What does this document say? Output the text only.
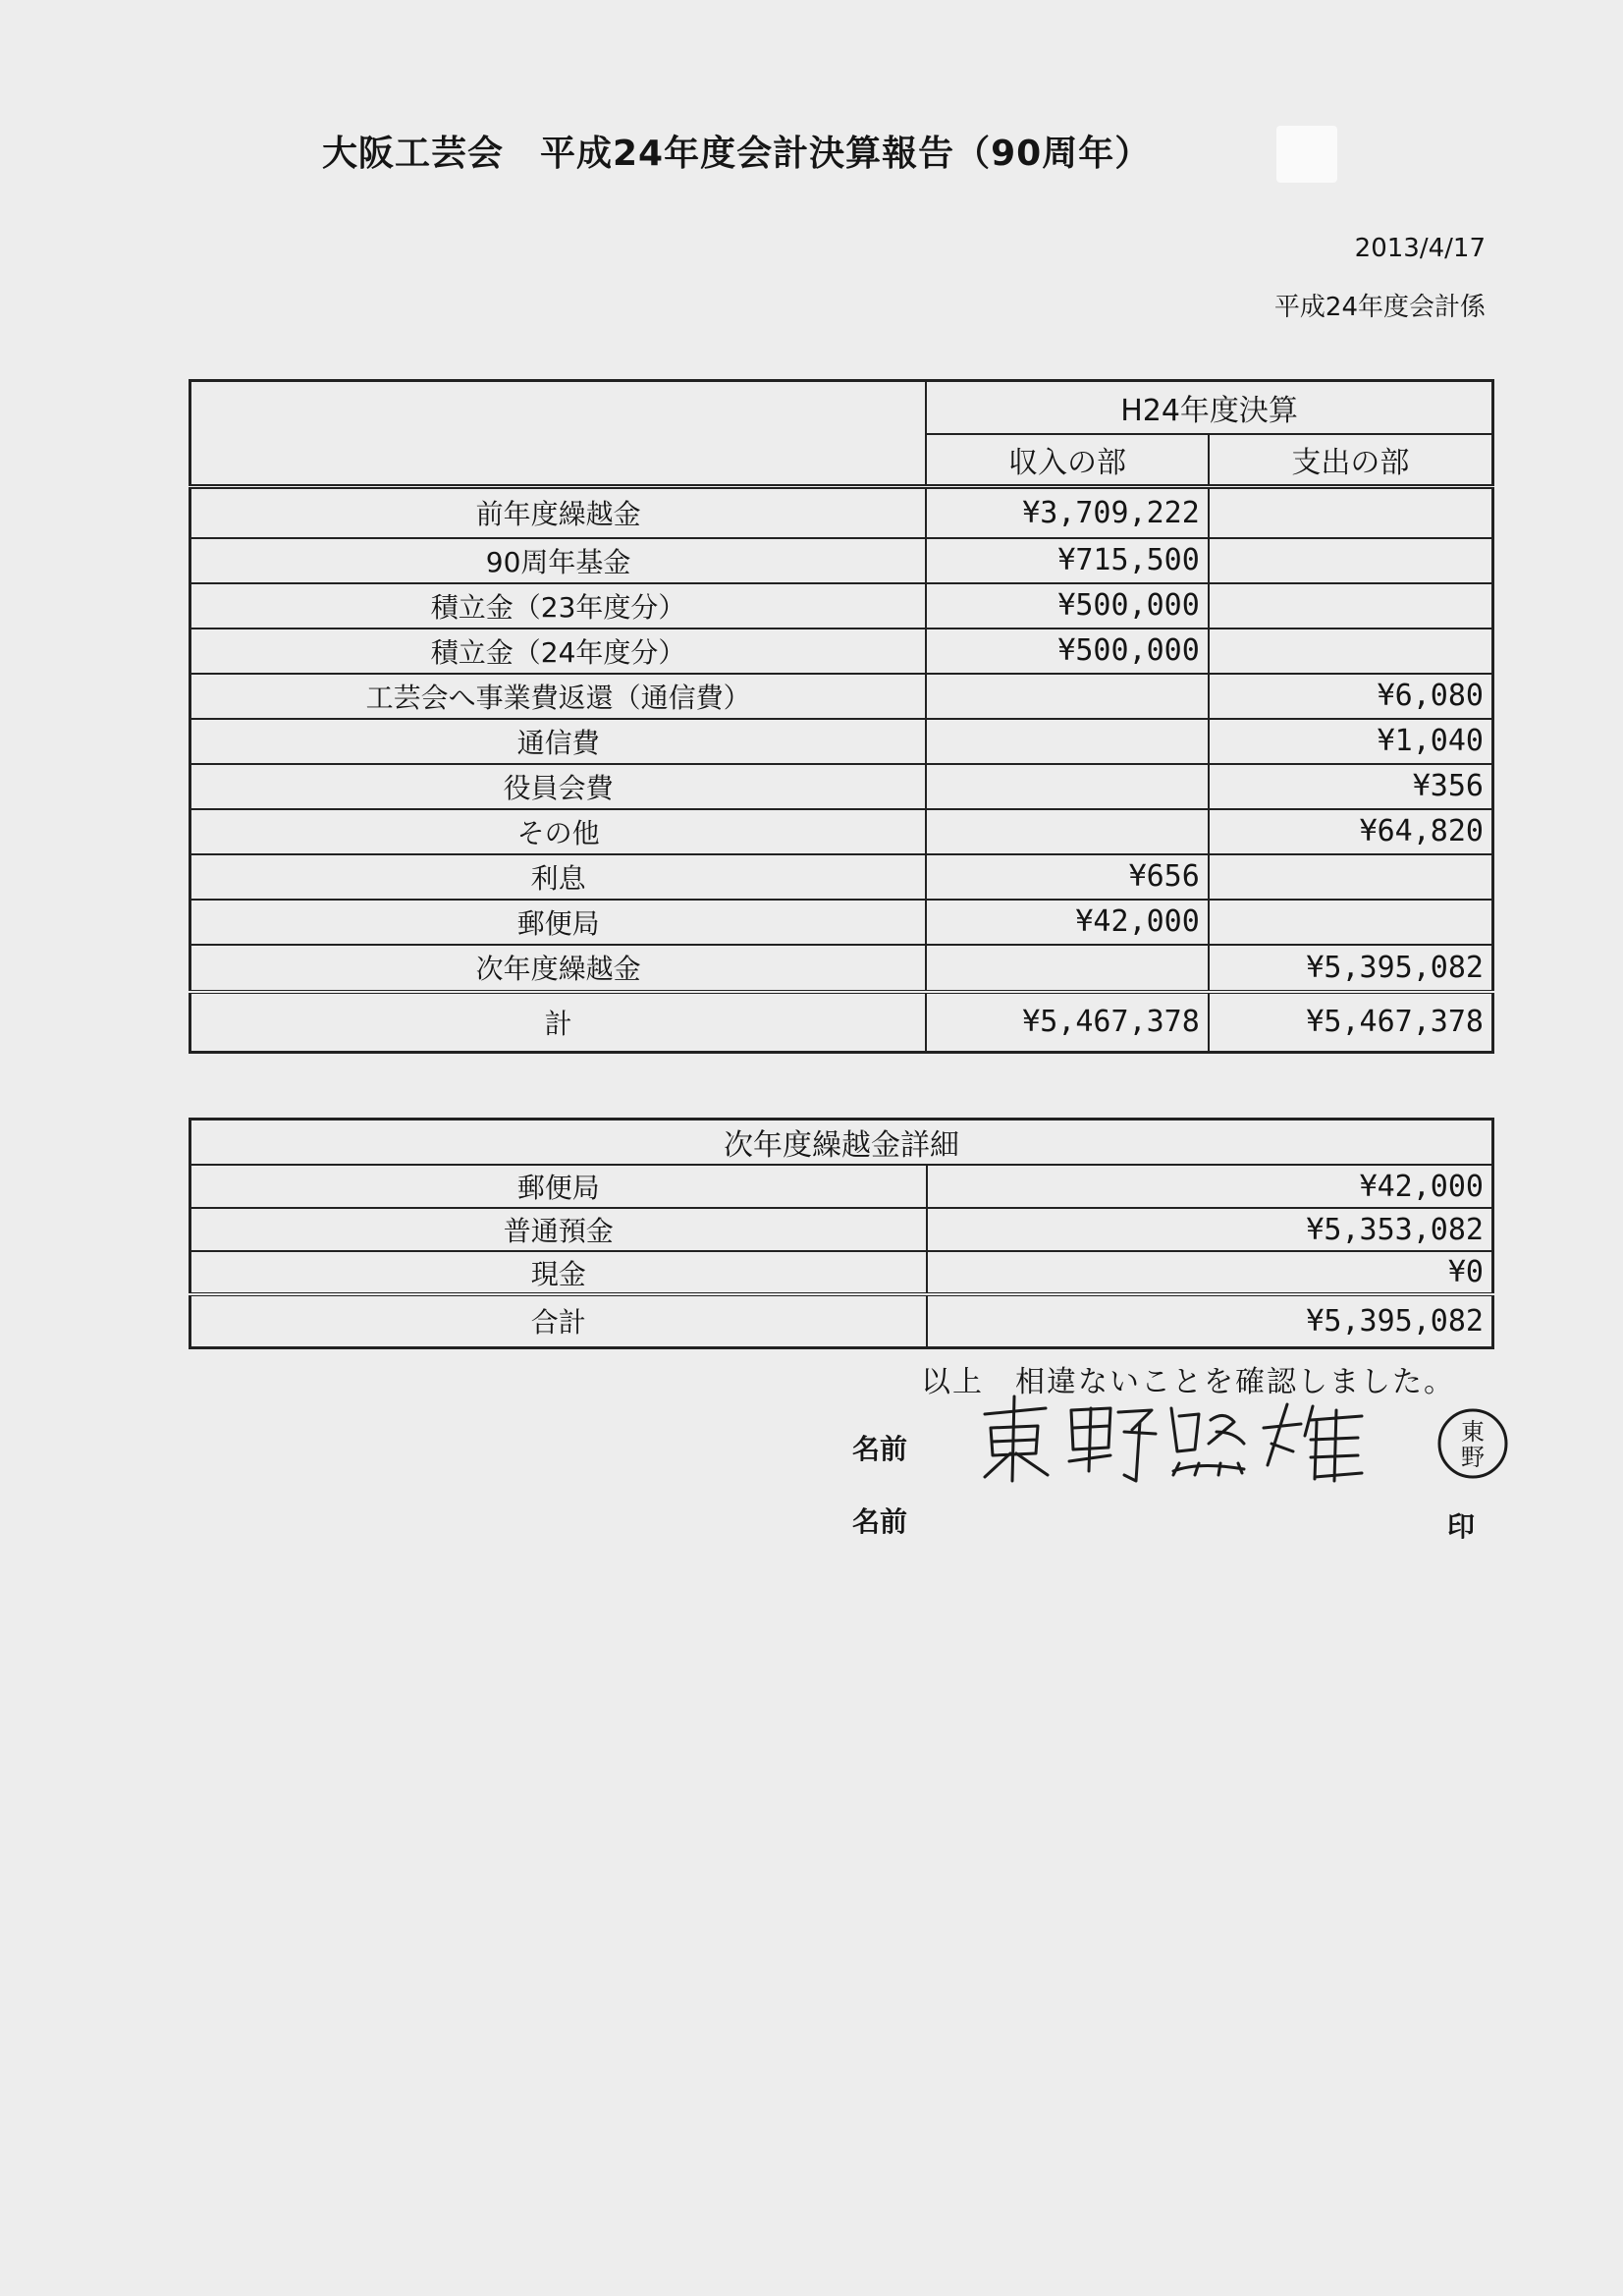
大阪工芸会　平成24年度会計決算報告（90周年）
2013/4/17
平成24年度会計係
	H24年度決算	
	収入の部	支出の部
前年度繰越金	¥3,709,222	
90周年基金	¥715,500	
積立金（23年度分）	¥500,000	
積立金（24年度分）	¥500,000	
工芸会へ事業費返還（通信費）		¥6,080
通信費		¥1,040
役員会費		¥356
その他		¥64,820
利息	¥656	
郵便局	¥42,000	
次年度繰越金		¥5,395,082
計	¥5,467,378	¥5,467,378
次年度繰越金詳細	
郵便局	¥42,000
普通預金	¥5,353,082
現金	¥0
合計	¥5,395,082
以上　相違ないことを確認しました。
名前
名前	印
東
野
